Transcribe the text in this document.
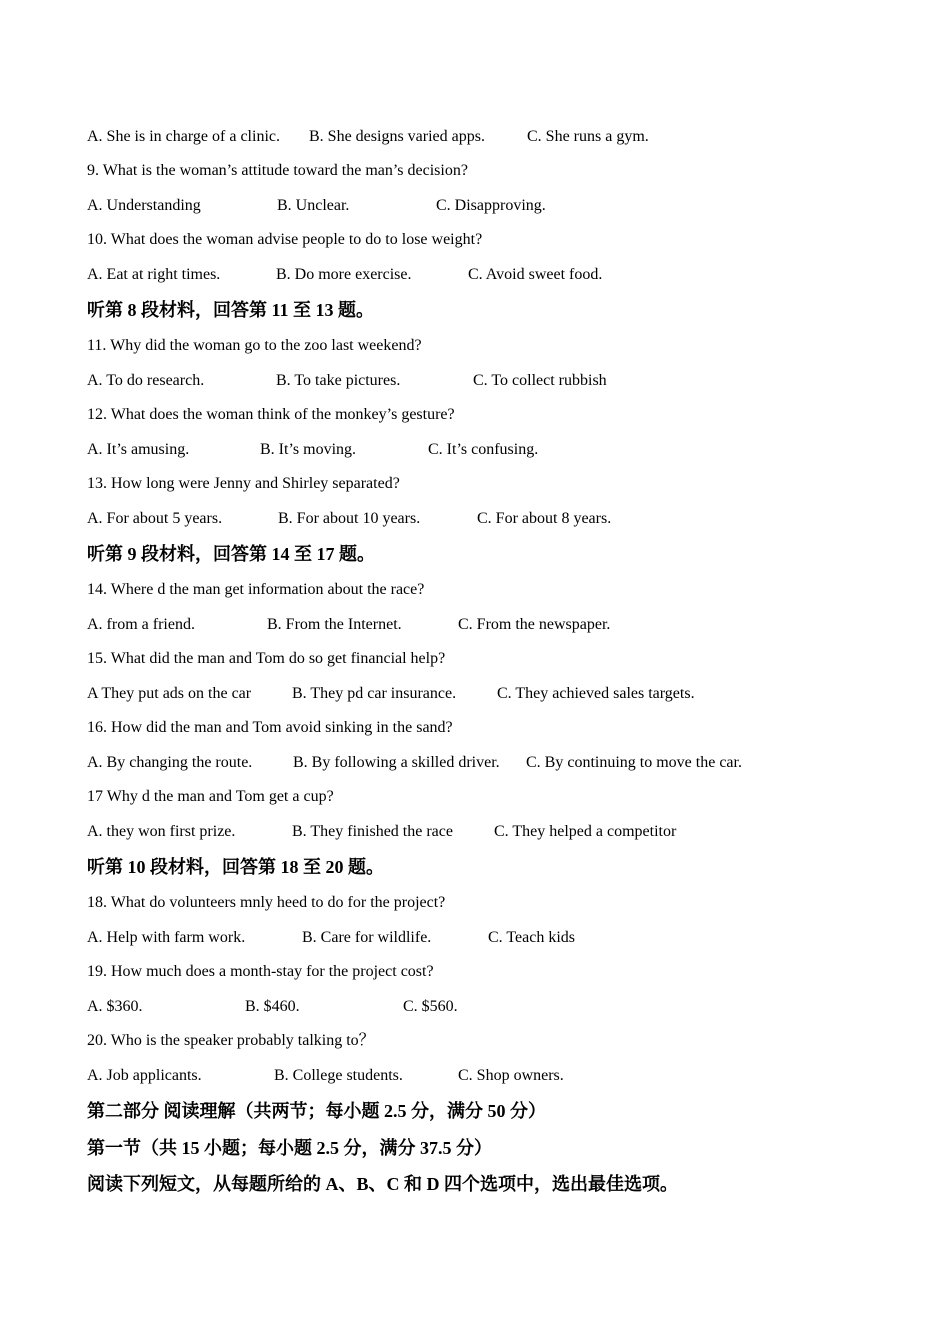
A. She is in charge of a clinic. B. She designs varied apps.	C. She runs a gym.
9. What is the woman’s attitude toward the man’s decision?
A. Understanding	B. Unclear.	C. Disapproving.
10. What does the woman advise people to do to lose weight?
A. Eat at right times.	B. Do more exercise.	C. Avoid sweet food.
听第 8 段材料，回答第 11 至 13 题。
11. Why did the woman go to the zoo last weekend?
A. To do research.	B. To take pictures.	C. To collect rubbish
12. What does the woman think of the monkey’s gesture?
A. It’s amusing.	B. It’s moving.	C. It’s confusing.
13. How long were Jenny and Shirley separated?
A. For about 5 years.	B. For about 10 years.	C. For about 8 years.
听第 9 段材料，回答第 14 至 17 题。
14. Where d the man get information about the race?
A. from a friend.	B. From the Internet.	C. From the newspaper.
15. What did the man and Tom do so get financial help?
A They put ads on the car	B. They pd car insurance.	C. They achieved sales targets.
16. How did the man and Tom avoid sinking in the sand?
A. By changing the route.	B. By following a skilled driver. C. By continuing to move the car.
17 Why d the man and Tom get a cup?
A. they won first prize.	B. They finished the race	C. They helped a competitor
听第 10 段材料，回答第 18 至 20 题。
18. What do volunteers mnly heed to do for the project?
A. Help with farm work.	B. Care for wildlife.	C. Teach kids
19. How much does a month-stay for the project cost?
A. $360.	B. $460.	C. $560.
20. Who is the speaker probably talking to？
A. Job applicants.	B. College students.	C. Shop owners.
第二部分 阅读理解（共两节；每小题 2.5 分，满分 50 分）
第一节（共 15 小题；每小题 2.5 分，满分 37.5 分）
阅读下列短文，从每题所给的 A、B、C 和 D 四个选项中，选出最佳选项。
